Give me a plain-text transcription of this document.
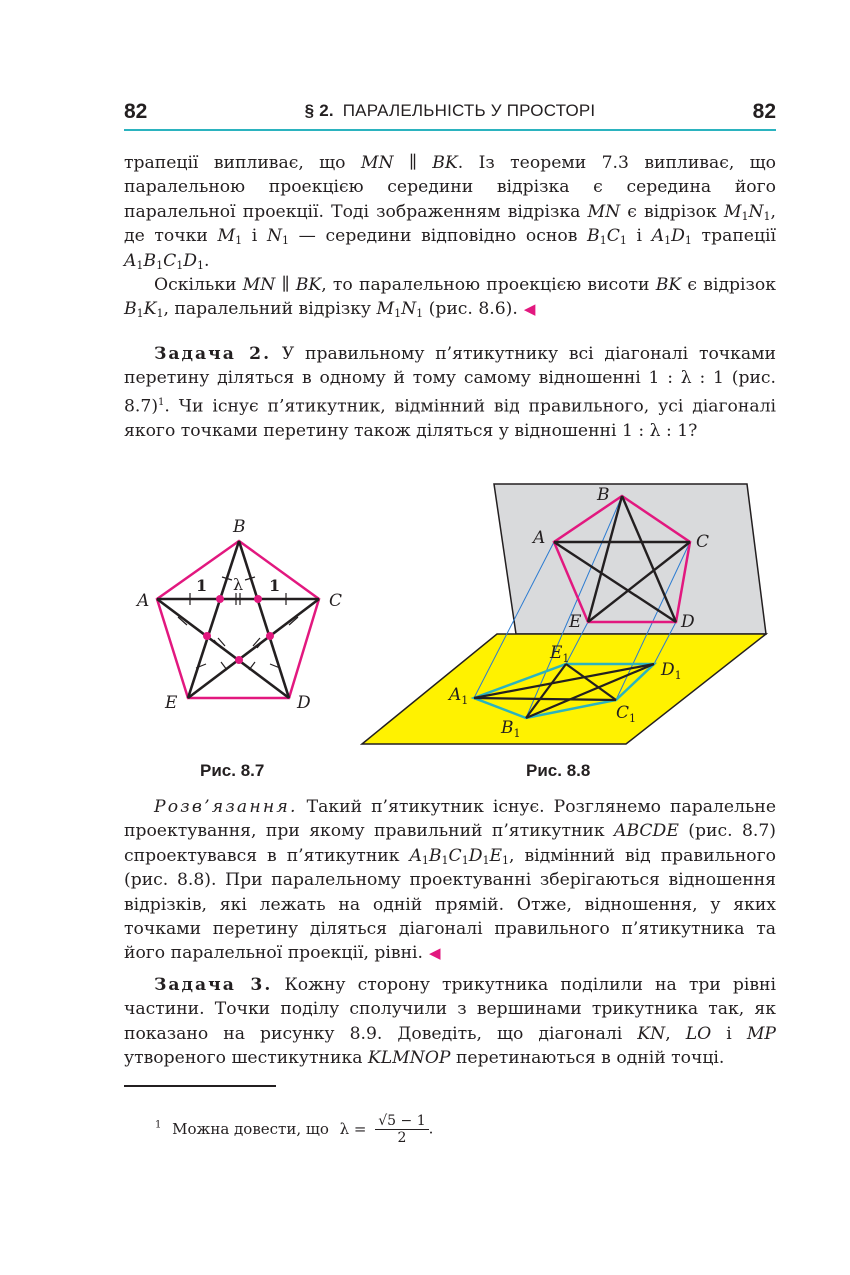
82	§ 2. ПАРАЛЕЛЬНІСТЬ У ПРОСТОРІ	82

трапеції випливає, що MN ∥ BK. Із теореми 7.3 випливає, що паралельною проекцією середини відрізка є середина його паралельної проекції. Тоді зображенням відрізка MN є відрізок $M_1N_1$, де точки $M_1$ і $N_1$ — середини відповідно основ $B_1C_1$ і $A_1D_1$ трапеції $A_1B_1C_1D_1$.

Оскільки MN ∥ BK, то паралельною проекцією висоти BK є відрізок $B_1K_1$, паралельний відрізку $M_1N_1$ (рис. 8.6). ◀

Задача 2. У правильному п’ятикутнику всі діагоналі точками перетину діляться в одному й тому самому відношенні 1 : λ : 1 (рис. 8.7)$^1$. Чи існує п’ятикутник, відмінний від правильного, усі діагоналі якого точками перетину також діляться у відношенні 1 : λ : 1?

B
A	C
E	D
1 λ 1
Рис. 8.7
B
A	C
E	D
$E_1$
$D_1$
$A_1$
$C_1$
$B_1$
Рис. 8.8

Розв’язання. Такий п’ятикутник існує. Розглянемо паралельне проектування, при якому правильний п’ятикутник ABCDE (рис. 8.7) спроектувався в п’ятикутник $A_1B_1C_1D_1E_1$, відмінний від правильного (рис. 8.8). При паралельному проектуванні зберігаються відношення відрізків, які лежать на одній прямій. Отже, відношення, у яких точками перетину діляться діагоналі правильного п’ятикутника та його паралельної проекції, рівні. ◀

Задача 3. Кожну сторону трикутника поділили на три рівні частини. Точки поділу сполучили з вершинами трикутника так, як показано на рисунку 8.9. Доведіть, що діагоналі KN, LO і MP утвореного шестикутника KLMNOP перетинаються в одній точці.

$^1$ Можна довести, що $\lambda = \frac{√5 - 1}{2}$ .
